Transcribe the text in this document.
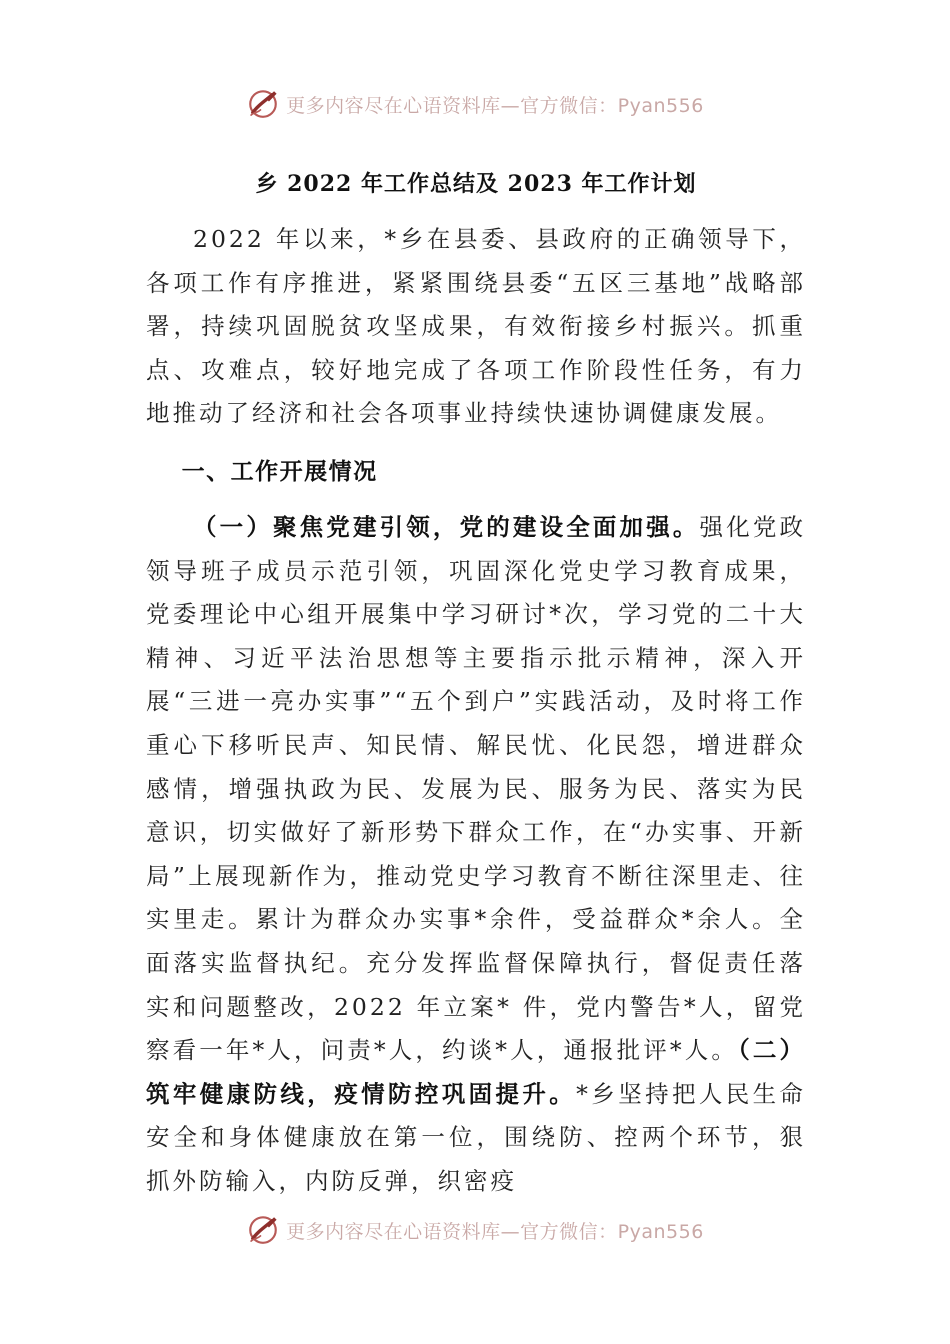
更多内容尽在心语资料库—官方微信：Pyan556
乡 2022 年工作总结及 2023 年工作计划

2022 年以来，*乡在县委、县政府的正确领导下，各项工作有序推进，紧紧围绕县委“五区三基地”战略部署，持续巩固脱贫攻坚成果，有效衔接乡村振兴。抓重点、攻难点，较好地完成了各项工作阶段性任务，有力地推动了经济和社会各项事业持续快速协调健康发展。

一、工作开展情况

（一）聚焦党建引领，党的建设全面加强。强化党政领导班子成员示范引领，巩固深化党史学习教育成果，党委理论中心组开展集中学习研讨*次，学习党的二十大精神、习近平法治思想等主要指示批示精神，深入开展“三进一亮办实事”“五个到户”实践活动，及时将工作重心下移听民声、知民情、解民忧、化民怨，增进群众感情，增强执政为民、发展为民、服务为民、落实为民意识，切实做好了新形势下群众工作，在“办实事、开新局”上展现新作为，推动党史学习教育不断往深里走、往实里走。累计为群众办实事*余件，受益群众*余人。全面落实监督执纪。充分发挥监督保障执行，督促责任落实和问题整改，2022 年立案* 件，党内警告*人，留党察看一年*人，问责*人，约谈*人，通报批评*人。（二）筑牢健康防线，疫情防控巩固提升。*乡坚持把人民生命安全和身体健康放在第一位，围绕防、控两个环节，狠抓外防输入，内防反弹，织密疫

更多内容尽在心语资料库—官方微信：Pyan556
